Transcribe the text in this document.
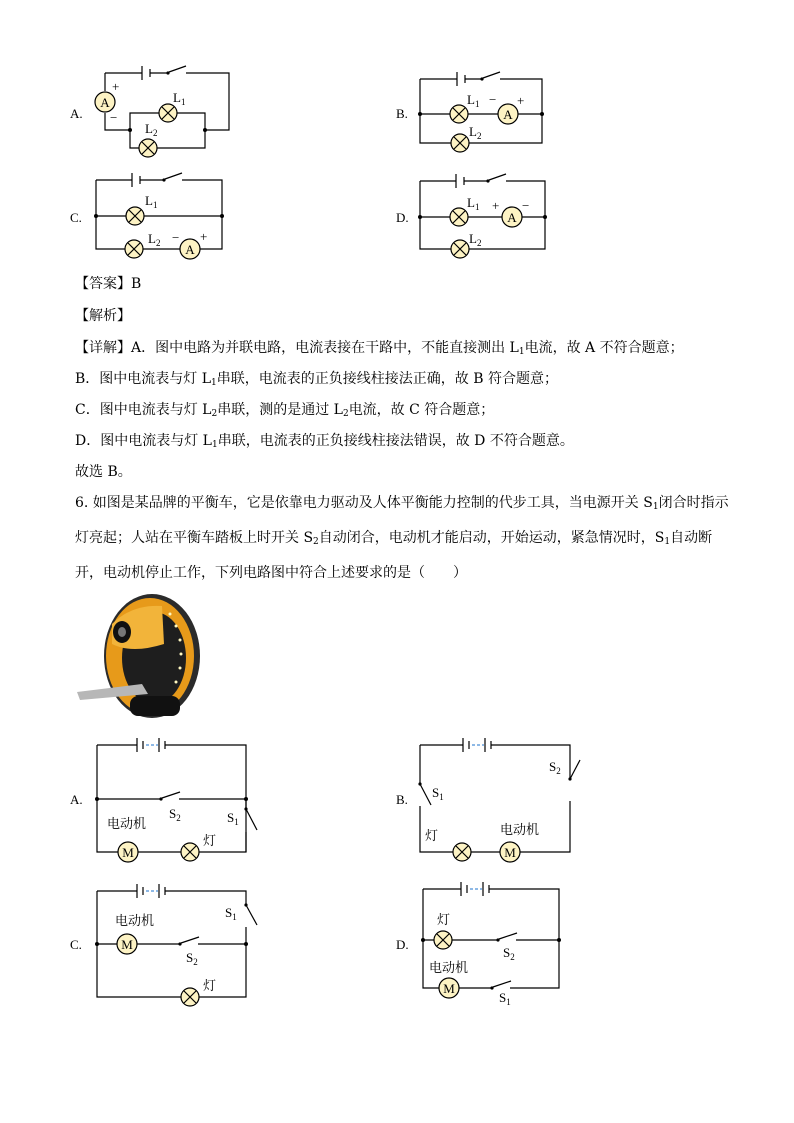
A.	B.
C.	D.
A
+
−
$L_1$
$L_2$
$L_1$ −
A
+
$L_2$
$L_1$
$L_2$ −
A
+
$L_1$ +
A
−
$L_2$
$S_2$	$S_1$
电动机
M
灯
$S_2$
$S_1$
灯	电动机
M
电动机
M
$S_2$
$S_1$
灯
灯
$S_2$
电动机
M
$S_1$
【答案】B
【解析】
【详解】A．图中电路为并联电路，电流表接在干路中，不能直接测出 $L_1$电流，故 A 不符合题意；
B．图中电流表与灯 $L_1$串联，电流表的正负接线柱接法正确，故 B 符合题意；
C．图中电流表与灯 $L_2$串联，测的是通过 $L_2$电流，故 C 符合题意；
D．图中电流表与灯 $L_1$串联，电流表的正负接线柱接法错误，故 D 不符合题意。
故选 B。
6. 如图是某品牌的平衡车，它是依靠电力驱动及人体平衡能力控制的代步工具，当电源开关 $S_1$闭合时指示灯亮起；人站在平衡车踏板上时开关 $S_2$自动闭合，电动机才能启动，开始运动，紧急情况时，$S_1$自动断开，电动机停止工作，下列电路图中符合上述要求的是（　　）
A.	B.
C.	D.
